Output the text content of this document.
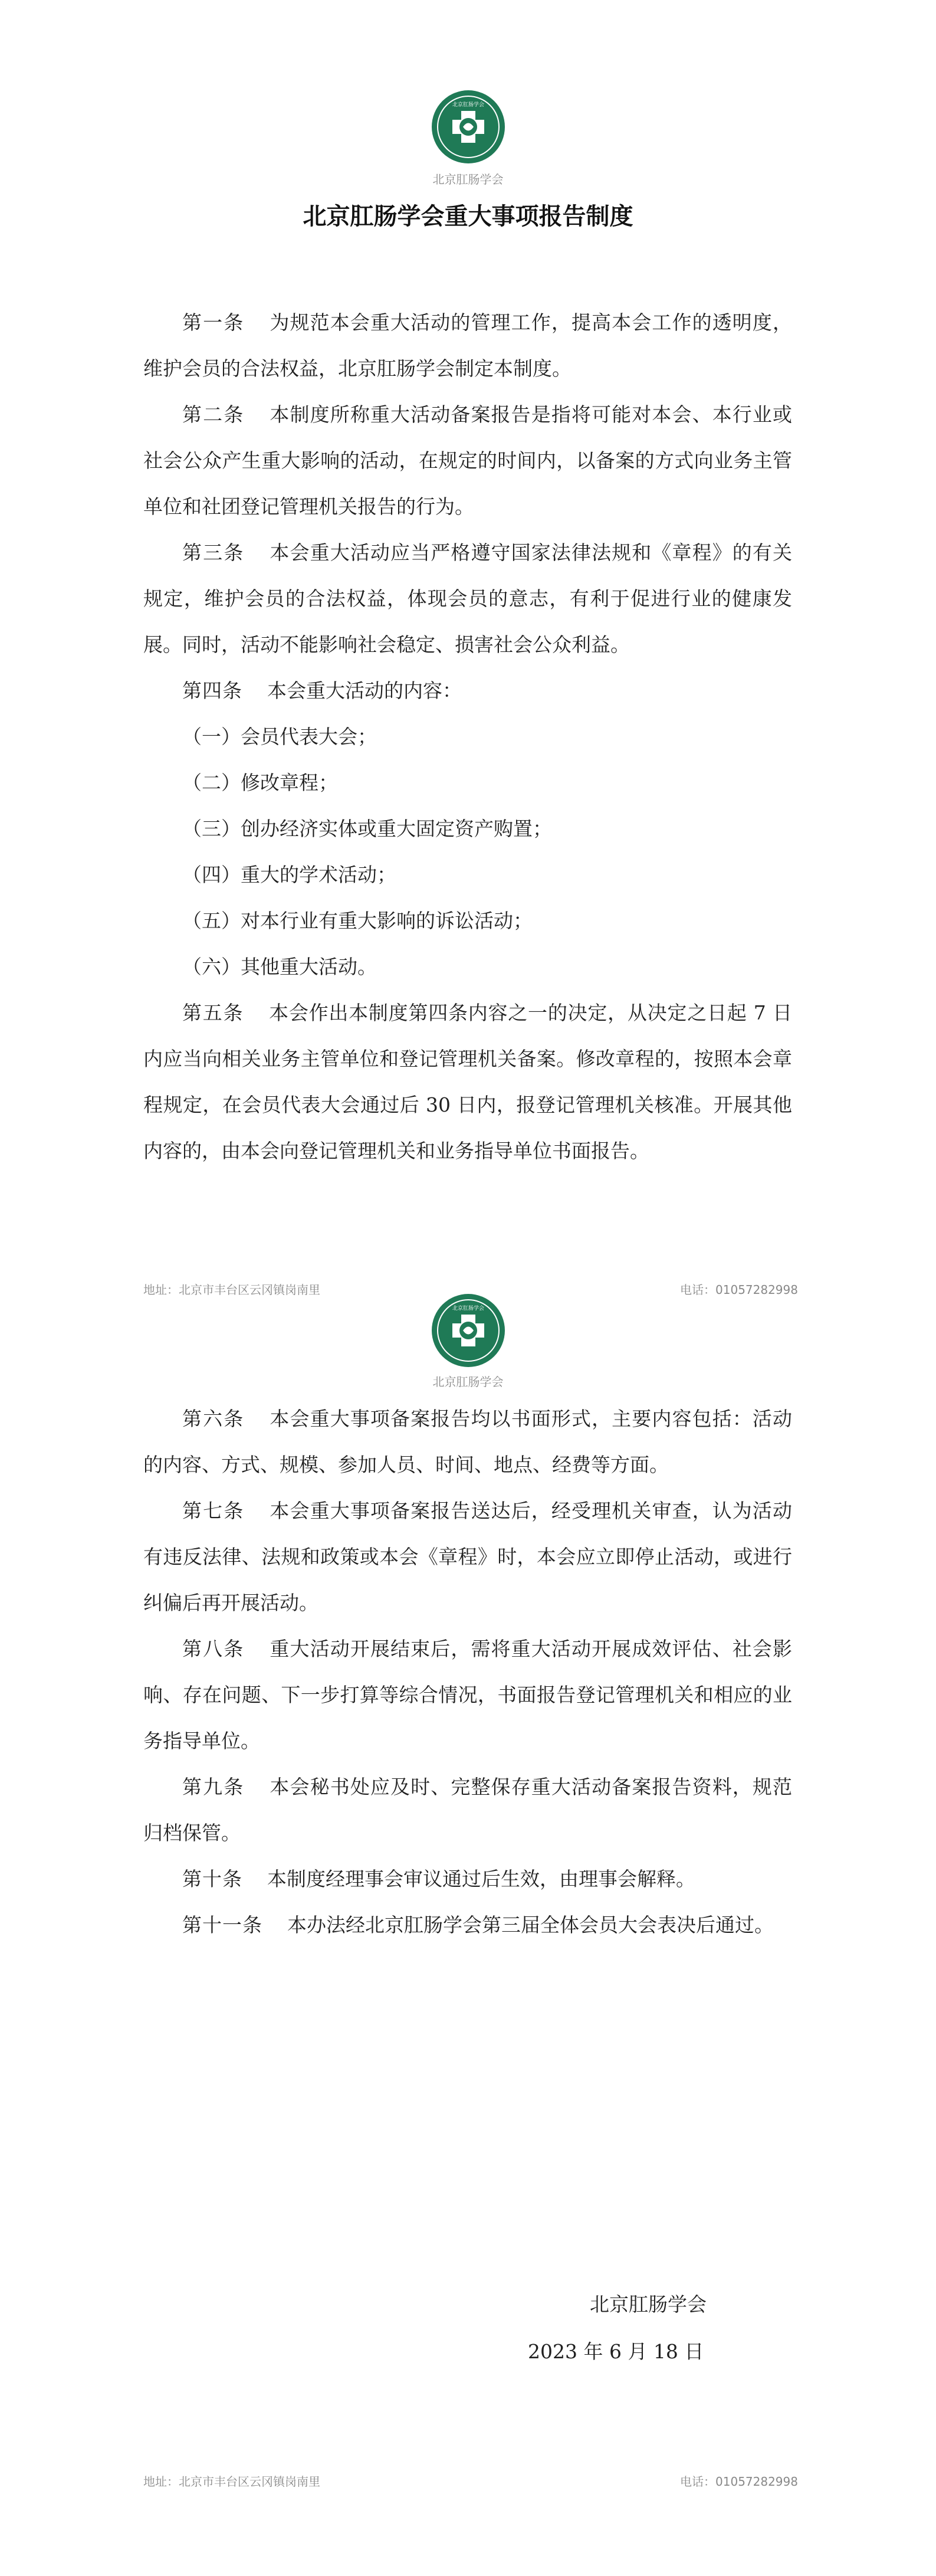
北京肛肠学会
北京肛肠学会
北京肛肠学会重大事项报告制度

第一条 为规范本会重大活动的管理工作，提高本会工作的透明度，维护会员的合法权益，北京肛肠学会制定本制度。

第二条 本制度所称重大活动备案报告是指将可能对本会、本行业或社会公众产生重大影响的活动，在规定的时间内，以备案的方式向业务主管单位和社团登记管理机关报告的行为。

第三条 本会重大活动应当严格遵守国家法律法规和《章程》的有关规定，维护会员的合法权益，体现会员的意志，有利于促进行业的健康发展。同时，活动不能影响社会稳定、损害社会公众利益。

第四条 本会重大活动的内容：

（一）会员代表大会；

（二）修改章程；

（三）创办经济实体或重大固定资产购置；

（四）重大的学术活动；

（五）对本行业有重大影响的诉讼活动；

（六）其他重大活动。

第五条 本会作出本制度第四条内容之一的决定，从决定之日起 7 日内应当向相关业务主管单位和登记管理机关备案。修改章程的，按照本会章程规定，在会员代表大会通过后 30 日内，报登记管理机关核准。开展其他内容的，由本会向登记管理机关和业务指导单位书面报告。

地址：北京市丰台区云冈镇岗南里	电话：01057282998
北京肛肠学会
北京肛肠学会

第六条 本会重大事项备案报告均以书面形式，主要内容包括：活动的内容、方式、规模、参加人员、时间、地点、经费等方面。

第七条 本会重大事项备案报告送达后，经受理机关审查，认为活动有违反法律、法规和政策或本会《章程》时，本会应立即停止活动，或进行纠偏后再开展活动。

第八条 重大活动开展结束后，需将重大活动开展成效评估、社会影响、存在问题、下一步打算等综合情况，书面报告登记管理机关和相应的业务指导单位。

第九条 本会秘书处应及时、完整保存重大活动备案报告资料，规范归档保管。

第十条 本制度经理事会审议通过后生效，由理事会解释。

第十一条 本办法经北京肛肠学会第三届全体会员大会表决后通过。

北京肛肠学会
2023 年 6 月 18 日
地址：北京市丰台区云冈镇岗南里	电话：01057282998
